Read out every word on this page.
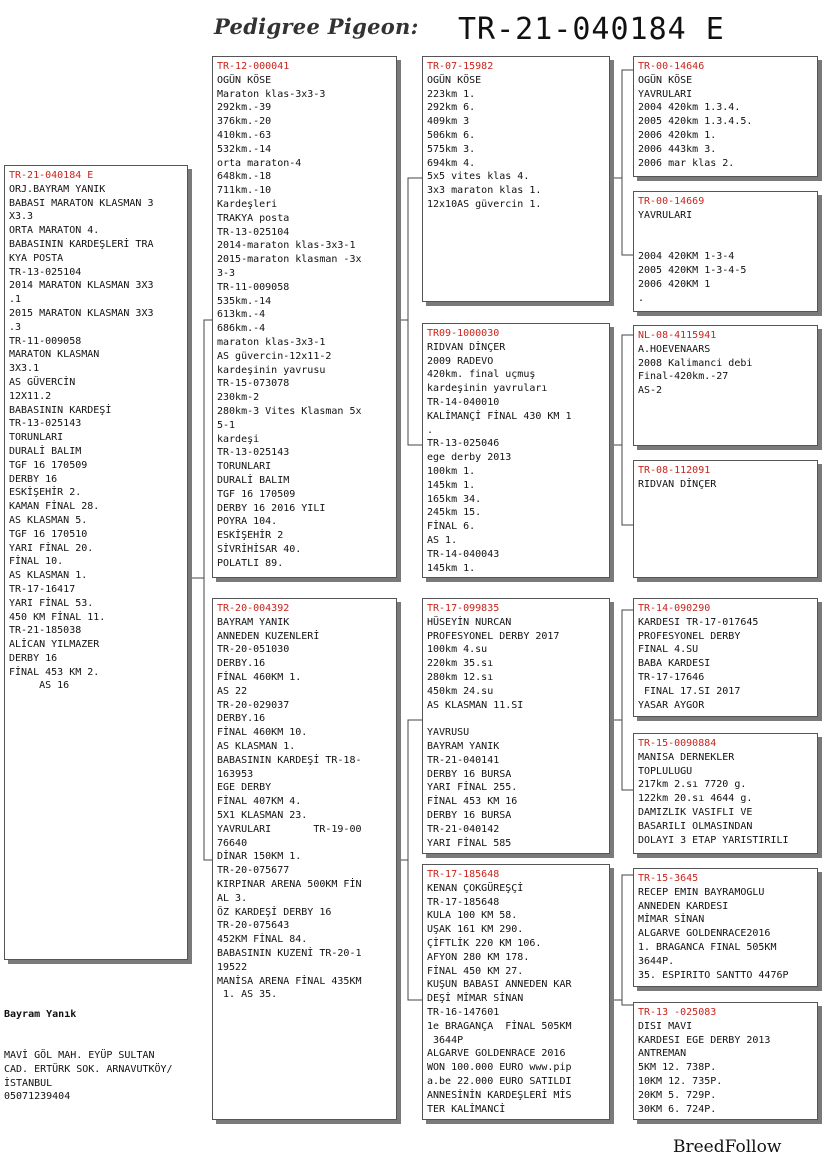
Pedigree Pigeon: TR-21-040184 E
TR-21-040184 E
ORJ.BAYRAM YANIK
BABASI MARATON KLASMAN 3
X3.3
ORTA MARATON 4.
BABASININ KARDEŞLERİ TRA
KYA POSTA
TR-13-025104
2014 MARATON KLASMAN 3X3
.1
2015 MARATON KLASMAN 3X3
.3
TR-11-009058
MARATON KLASMAN
3X3.1
AS GÜVERCİN
12X11.2
BABASININ KARDEŞİ
TR-13-025143
TORUNLARI
DURALİ BALIM
TGF 16 170509
DERBY 16
ESKİŞEHİR 2.
KAMAN FİNAL 28.
AS KLASMAN 5.
TGF 16 170510
YARI FİNAL 20.
FİNAL 10.
AS KLASMAN 1.
TR-17-16417
YARI FİNAL 53.
450 KM FİNAL 11.
TR-21-185038
ALİCAN YILMAZER
DERBY 16
FİNAL 453 KM 2.
AS 16
TR-12-000041
OGÜN KÖSE
Maraton klas-3x3-3
292km.-39
376km.-20
410km.-63
532km.-14
orta maraton-4
648km.-18
711km.-10
Kardeşleri
TRAKYA posta
TR-13-025104
2014-maraton klas-3x3-1
2015-maraton klasman -3x
3-3
TR-11-009058
535km.-14
613km.-4
686km.-4
maraton klas-3x3-1
AS güvercin-12x11-2
kardeşinin yavrusu
TR-15-073078
230km-2
280km-3 Vites Klasman 5x
5-1
kardeşi
TR-13-025143
TORUNLARI
DURALİ BALIM
TGF 16 170509
DERBY 16 2016 YILI
POYRA 104.
ESKİŞEHİR 2
SİVRİHİSAR 40.
POLATLI 89.
TR-20-004392
BAYRAM YANIK
ANNEDEN KUZENLERİ
TR-20-051030
DERBY.16
FİNAL 460KM 1.
AS 22
TR-20-029037
DERBY.16
FİNAL 460KM 10.
AS KLASMAN 1.
BABASININ KARDEŞİ TR-18-
163953
EGE DERBY
FİNAL 407KM 4.
5X1 KLASMAN 23.
YAVRULARI       TR-19-00
76640
DİNAR 150KM 1.
TR-20-075677
KIRPINAR ARENA 500KM FİN
AL 3.
ÖZ KARDEŞİ DERBY 16
TR-20-075643
452KM FİNAL 84.
BABASININ KUZENİ TR-20-1
19522
MANİSA ARENA FİNAL 435KM
1. AS 35.
TR-07-15982
OGÜN KÖSE
223km 1.
292km 6.
409km 3
506km 6.
575km 3.
694km 4.
5x5 vites klas 4.
3x3 maraton klas 1.
12x10AS güvercin 1.
TR09-1000030
RIDVAN DİNÇER
2009 RADEVO
420km. final uçmuş
kardeşinin yavruları
TR-14-040010
KALİMANÇİ FİNAL 430 KM 1
.
TR-13-025046
ege derby 2013
100km 1.
145km 1.
165km 34.
245km 15.
FİNAL 6.
AS 1.
TR-14-040043
145km 1.
TR-17-099835
HÜSEYİN NURCAN
PROFESYONEL DERBY 2017
100km 4.su
220km 35.sı
280km 12.sı
450km 24.su
AS KLASMAN 11.SI
YAVRUSU
BAYRAM YANIK
TR-21-040141
DERBY 16 BURSA
YARI FİNAL 255.
FİNAL 453 KM 16
DERBY 16 BURSA
TR-21-040142
YARI FİNAL 585
TR-17-185648
KENAN ÇOKGÜREŞÇİ
TR-17-185648
KULA 100 KM 58.
UŞAK 161 KM 290.
ÇİFTLİK 220 KM 106.
AFYON 280 KM 178.
FİNAL 450 KM 27.
KUŞUN BABASI ANNEDEN KAR
DEŞİ MİMAR SİNAN
TR-16-147601
1e BRAGANÇA  FİNAL 505KM
3644P
ALGARVE GOLDENRACE 2016
WON 100.000 EURO www.pip
a.be 22.000 EURO SATILDI
ANNESİNİN KARDEŞLERİ MİS
TER KALİMANCİ
TR-00-14646
OGÜN KÖSE
YAVRULARI
2004 420km 1.3.4.
2005 420km 1.3.4.5.
2006 420km 1.
2006 443km 3.
2006 mar klas 2.
TR-00-14669
YAVRULARI
2004 420KM 1-3-4
2005 420KM 1-3-4-5
2006 420KM 1
.
NL-08-4115941
A.HOEVENAARS
2008 Kalimanci debi
Final-420km.-27
AS-2
TR-08-112091
RIDVAN DİNÇER
TR-14-090290
KARDESI TR-17-017645
PROFESYONEL DERBY
FINAL 4.SU
BABA KARDESI
TR-17-17646
FINAL 17.SI 2017
YASAR AYGOR
TR-15-0090884
MANISA DERNEKLER
TOPLULUGU
217km 2.sı 7720 g.
122km 20.sı 4644 g.
DAMIZLIK VASIFLI VE
BASARILI OLMASINDAN
DOLAYI 3 ETAP YARISTIRILI
TR-15-3645
RECEP EMIN BAYRAMOGLU
ANNEDEN KARDESI
MİMAR SİNAN
ALGARVE GOLDENRACE2016
1. BRAGANCA FINAL 505KM
3644P.
35. ESPIRITO SANTTO 4476P
TR-13 -025083
DISI MAVI
KARDESI EGE DERBY 2013
ANTREMAN
5KM 12. 738P.
10KM 12. 735P.
20KM 5. 729P.
30KM 6. 724P.

Bayram Yanık

MAVİ GÖL MAH. EYÜP SULTAN
CAD. ERTÜRK SOK. ARNAVUTKÖY/
İSTANBUL
05071239404

BreedFollow
